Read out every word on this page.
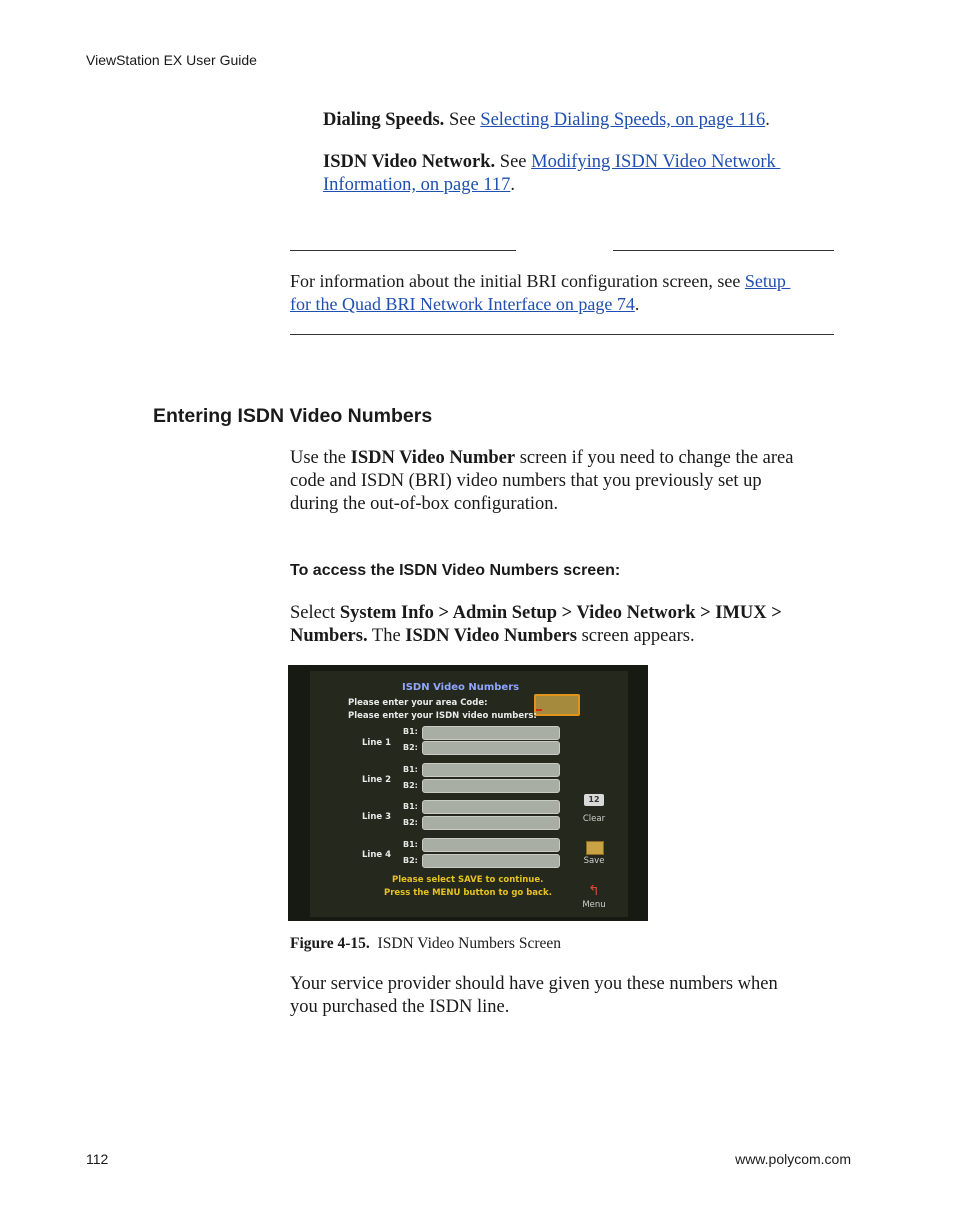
ViewStation EX User Guide
Dialing Speeds. See Selecting Dialing Speeds, on page 116.
ISDN Video Network. See Modifying ISDN Video Network
Information, on page 117.
For information about the initial BRI configuration screen, see Setup
for the Quad BRI Network Interface on page 74.
Entering ISDN Video Numbers
Use the ISDN Video Number screen if you need to change the area
code and ISDN (BRI) video numbers that you previously set up
during the out-of-box configuration.
To access the ISDN Video Numbers screen:
Select System Info > Admin Setup > Video Network > IMUX >
Numbers. The ISDN Video Numbers screen appears.
ISDN Video Numbers
Please enter your area Code:
Please enter your ISDN video numbers:
Line 1
B1:
B2:
Line 2
B1:
B2:
Line 3
B1:
B2:
Line 4
B1:
B2:
Please select SAVE to continue.
Press the MENU button to go back.
12
Clear
Save
↰
Menu
Figure 4-15. ISDN Video Numbers Screen
Your service provider should have given you these numbers when
you purchased the ISDN line.
112	www.polycom.com
